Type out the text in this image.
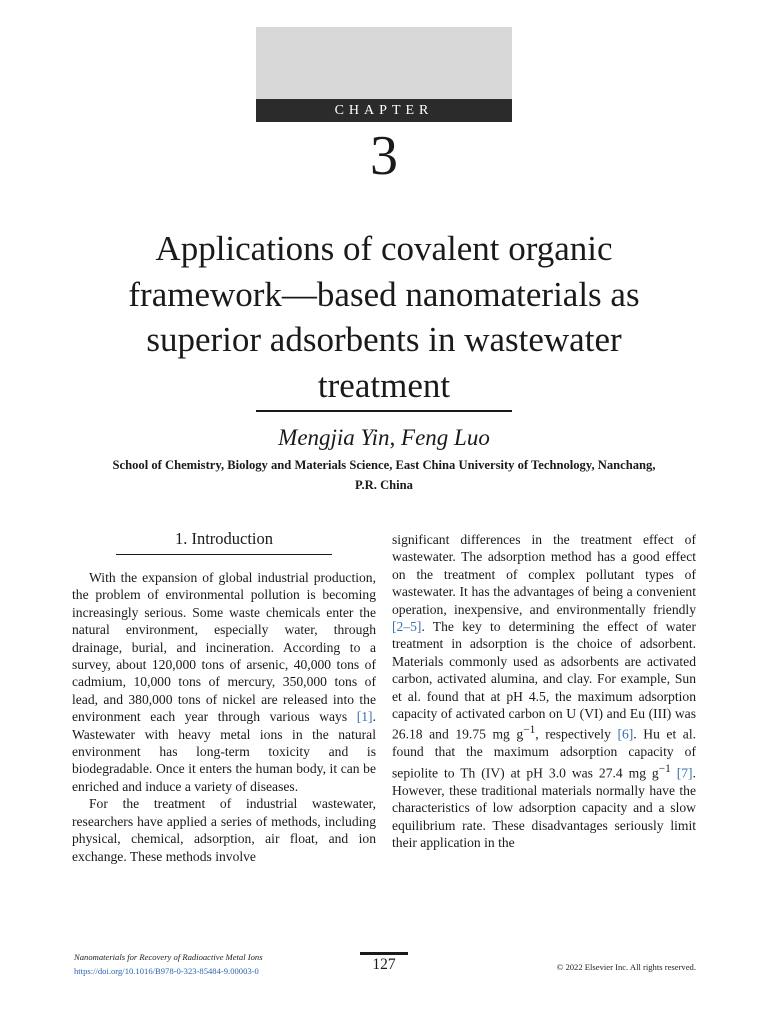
CHAPTER
3
Applications of covalent organic
framework—based nanomaterials as
superior adsorbents in wastewater
treatment
Mengjia Yin, Feng Luo
School of Chemistry, Biology and Materials Science, East China University of Technology, Nanchang,
P.R. China
1. Introduction

With the expansion of global industrial production, the problem of environmental pollution is becoming increasingly serious. Some waste chemicals enter the natural environment, especially water, through drainage, burial, and incineration. According to a survey, about 120,000 tons of arsenic, 40,000 tons of cadmium, 10,000 tons of mercury, 350,000 tons of lead, and 380,000 tons of nickel are released into the environment each year through various ways [1]. Wastewater with heavy metal ions in the natural environment has long-term toxicity and is biodegradable. Once it enters the human body, it can be enriched and induce a variety of diseases.

For the treatment of industrial wastewater, researchers have applied a series of methods, including physical, chemical, adsorption, air float, and ion exchange. These methods involve

significant differences in the treatment effect of wastewater. The adsorption method has a good effect on the treatment of complex pollutant types of wastewater. It has the advantages of being a convenient operation, inexpensive, and environmentally friendly [2–5]. The key to determining the effect of water treatment in adsorption is the choice of adsorbent. Materials commonly used as adsorbents are activated carbon, activated alumina, and clay. For example, Sun et al. found that at pH 4.5, the maximum adsorption capacity of activated carbon on U (VI) and Eu (III) was 26.18 and 19.75 mg $g^{-1}$, respectively [6]. Hu et al. found that the maximum adsorption capacity of sepiolite to Th (IV) at pH 3.0 was 27.4 mg $g^{-1}$ [7]. However, these traditional materials normally have the characteristics of low adsorption capacity and a slow equilibrium rate. These disadvantages seriously limit their application in the

Nanomaterials for Recovery of Radioactive Metal Ions
https://doi.org/10.1016/B978-0-323-85484-9.00003-0	127	© 2022 Elsevier Inc. All rights reserved.
